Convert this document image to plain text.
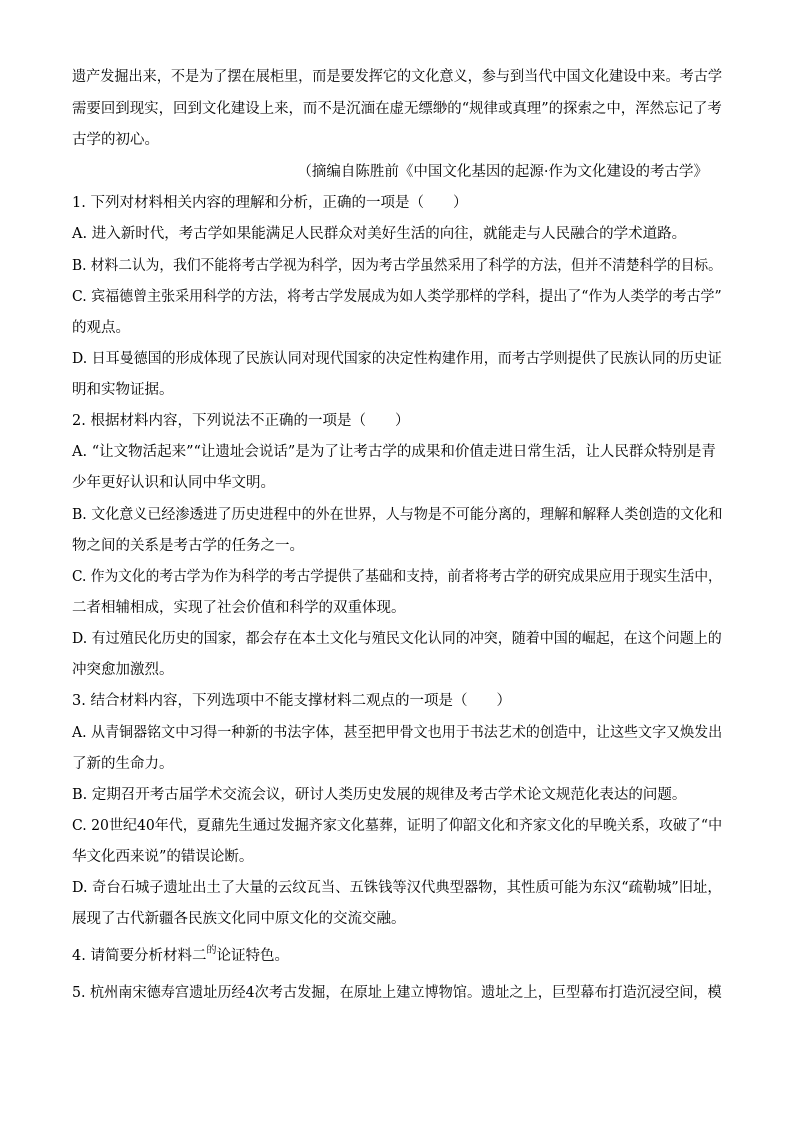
遗产发掘出来，不是为了摆在展柜里，而是要发挥它的文化意义，参与到当代中国文化建设中来。考古学
需要回到现实，回到文化建设上来，而不是沉湎在虚无缥缈的“规律或真理”的探索之中，浑然忘记了考
古学的初心。
（摘编自陈胜前《中国文化基因的起源·作为文化建设的考古学》
1. 下列对材料相关内容的理解和分析，正确的一项是（　　）
A. 进入新时代，考古学如果能满足人民群众对美好生活的向往，就能走与人民融合的学术道路。
B. 材料二认为，我们不能将考古学视为科学，因为考古学虽然采用了科学的方法，但并不清楚科学的目标。
C. 宾福德曾主张采用科学的方法，将考古学发展成为如人类学那样的学科，提出了“作为人类学的考古学”
的观点。
D. 日耳曼德国的形成体现了民族认同对现代国家的决定性构建作用，而考古学则提供了民族认同的历史证
明和实物证据。
2. 根据材料内容，下列说法不正确的一项是（　　）
A. “让文物活起来”“让遗址会说话”是为了让考古学的成果和价值走进日常生活，让人民群众特别是青
少年更好认识和认同中华文明。
B. 文化意义已经渗透进了历史进程中的外在世界，人与物是不可能分离的，理解和解释人类创造的文化和
物之间的关系是考古学的任务之一。
C. 作为文化的考古学为作为科学的考古学提供了基础和支持，前者将考古学的研究成果应用于现实生活中，
二者相辅相成，实现了社会价值和科学的双重体现。
D. 有过殖民化历史的国家，都会存在本土文化与殖民文化认同的冲突，随着中国的崛起，在这个问题上的
冲突愈加激烈。
3. 结合材料内容，下列选项中不能支撑材料二观点的一项是（　　）
A. 从青铜器铭文中习得一种新的书法字体，甚至把甲骨文也用于书法艺术的创造中，让这些文字又焕发出
了新的生命力。
B. 定期召开考古届学术交流会议，研讨人类历史发展的规律及考古学术论文规范化表达的问题。
C. 20世纪40年代，夏鼐先生通过发掘齐家文化墓葬，证明了仰韶文化和齐家文化的早晚关系，攻破了“中
华文化西来说”的错误论断。
D. 奇台石城子遗址出土了大量的云纹瓦当、五铢钱等汉代典型器物，其性质可能为东汉“疏勒城”旧址，
展现了古代新疆各民族文化同中原文化的交流交融。
4. 请简要分析材料二$^的$论证特色。
5. 杭州南宋德寿宫遗址历经4次考古发掘，在原址上建立博物馆。遗址之上，巨型幕布打造沉浸空间，模
